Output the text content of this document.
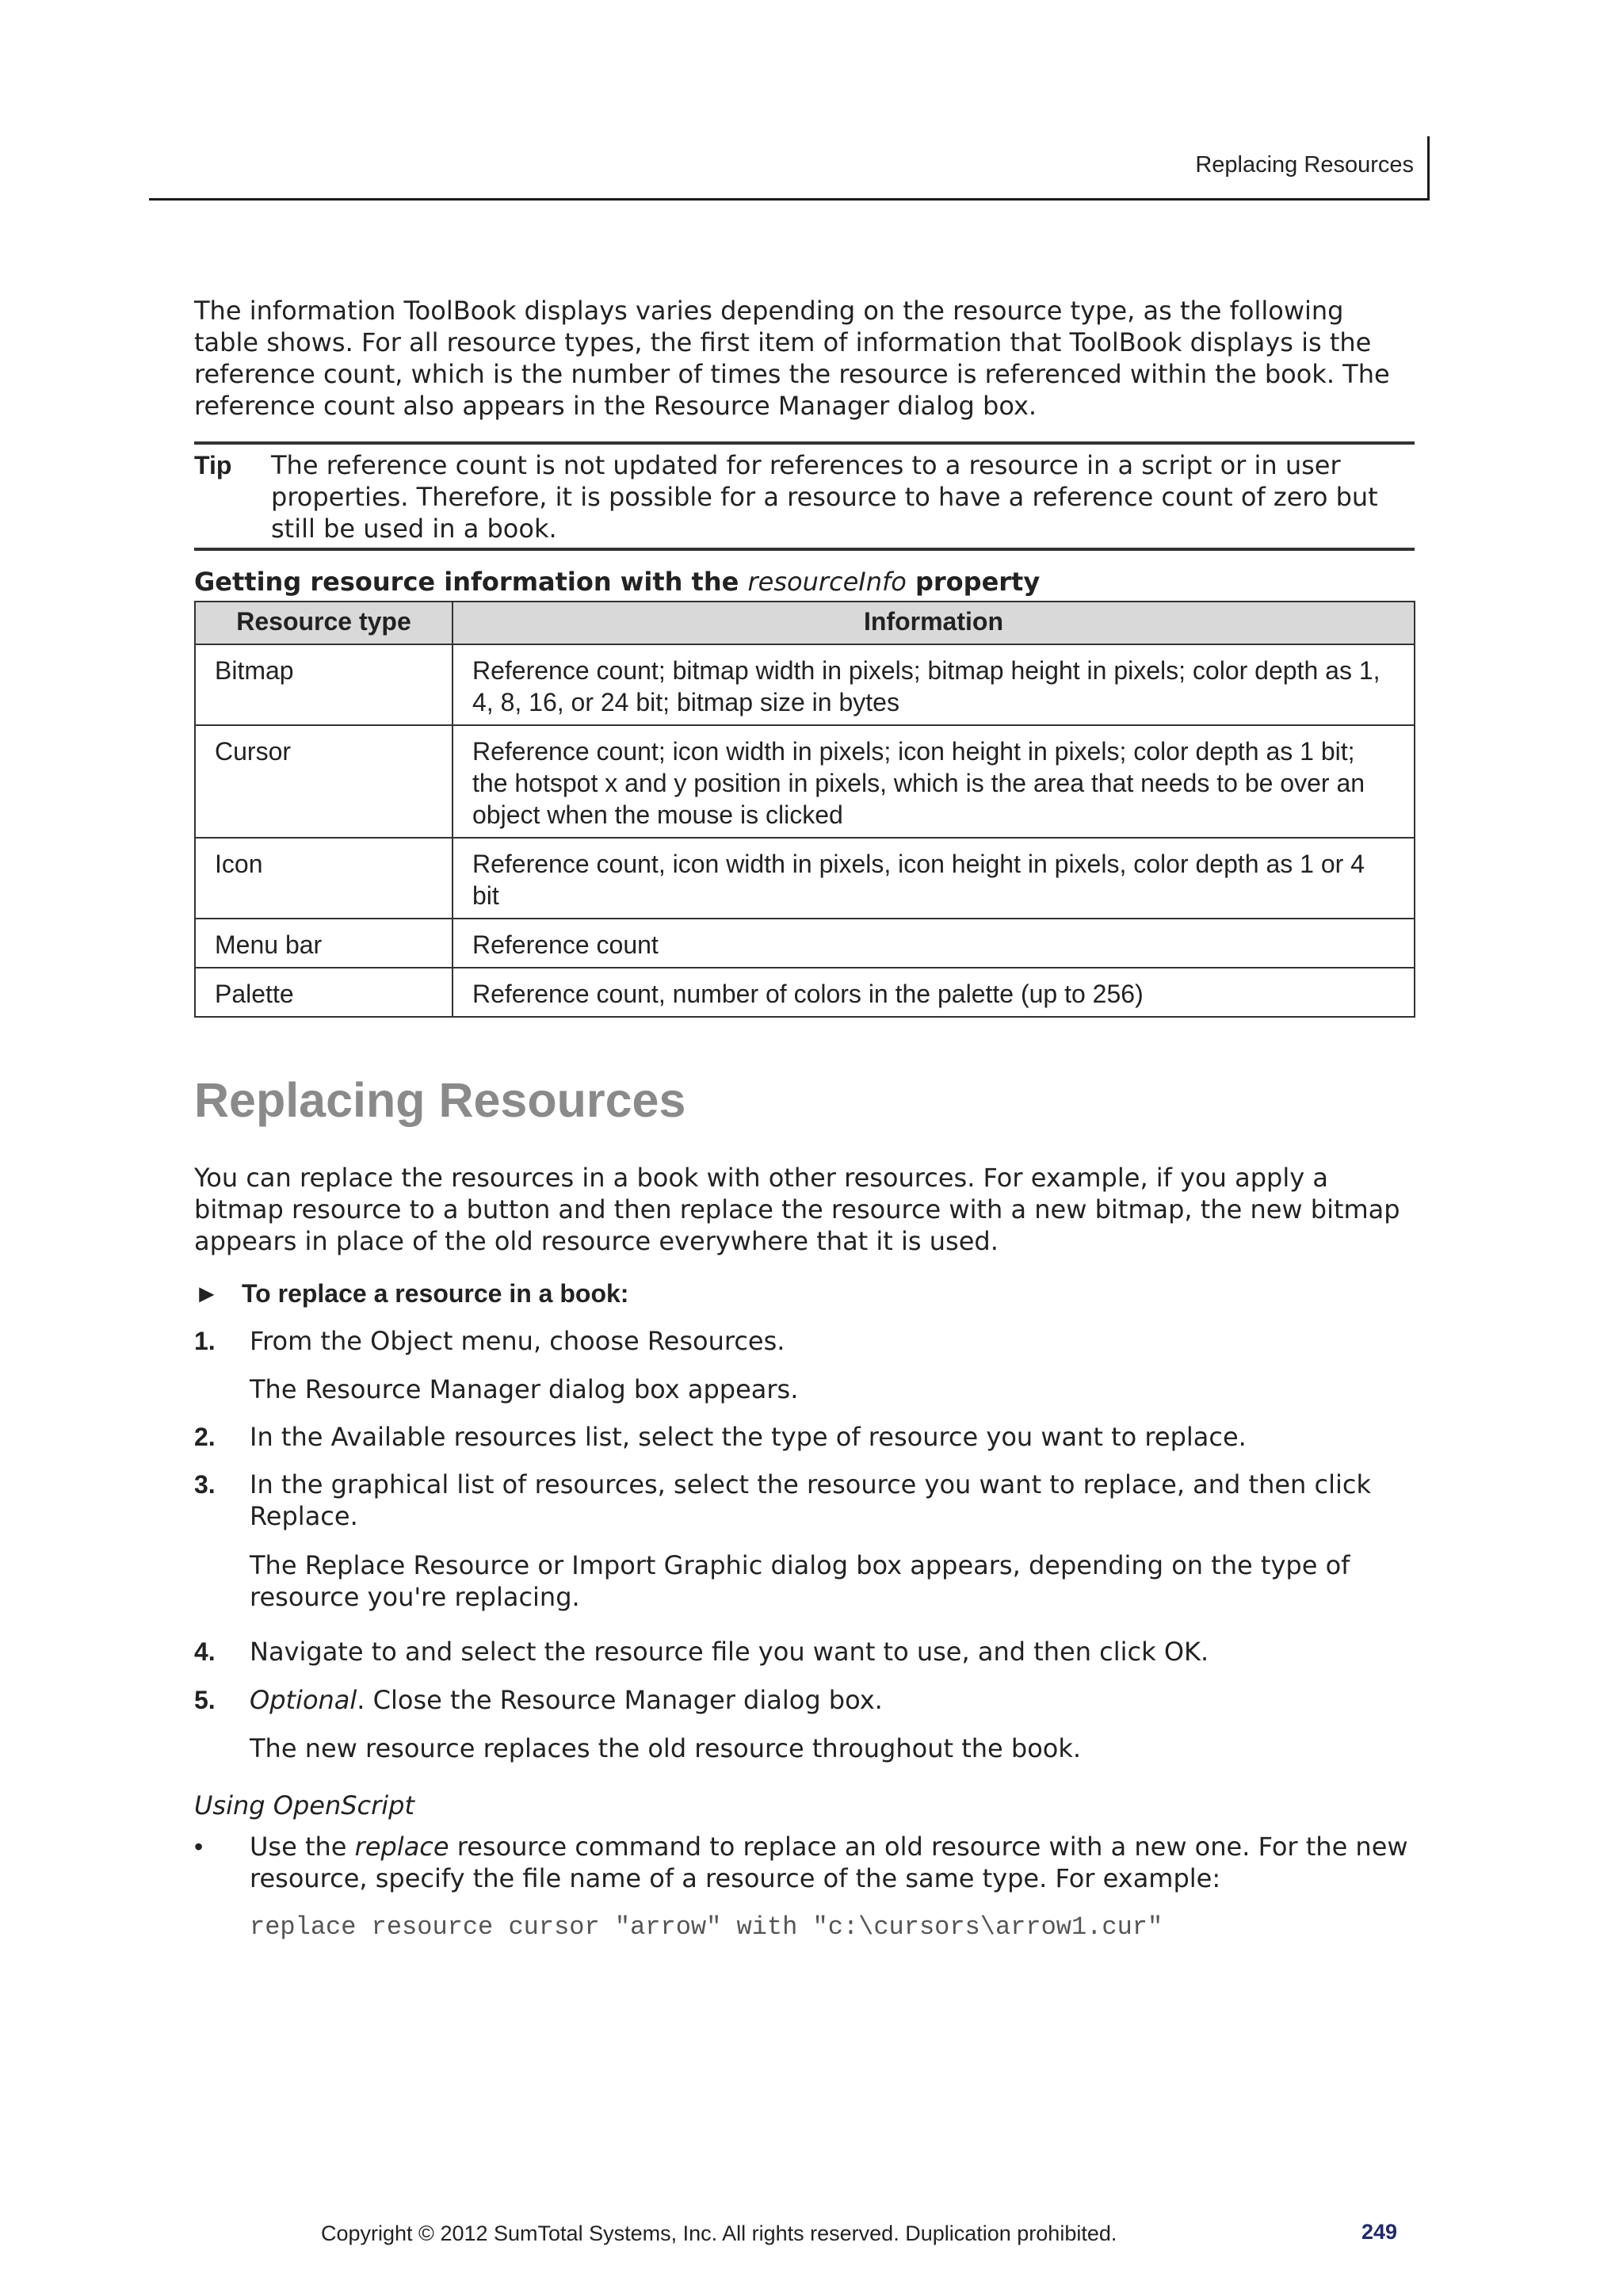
Replacing Resources

The information ToolBook displays varies depending on the resource type, as the following table shows. For all resource types, the first item of information that ToolBook displays is the reference count, which is the number of times the resource is referenced within the book. The reference count also appears in the Resource Manager dialog box.

Tip The reference count is not updated for references to a resource in a script or in user properties. Therefore, it is possible for a resource to have a reference count of zero but still be used in a book.

Getting resource information with the resourceInfo property

Resource type	Information
Bitmap	Reference count; bitmap width in pixels; bitmap height in pixels; color depth as 1, 4, 8, 16, or 24 bit; bitmap size in bytes
Cursor	Reference count; icon width in pixels; icon height in pixels; color depth as 1 bit; the hotspot x and y position in pixels, which is the area that needs to be over an object when the mouse is clicked
Icon	Reference count, icon width in pixels, icon height in pixels, color depth as 1 or 4 bit
Menu bar	Reference count
Palette	Reference count, number of colors in the palette (up to 256)
Replacing Resources

You can replace the resources in a book with other resources. For example, if you apply a bitmap resource to a button and then replace the resource with a new bitmap, the new bitmap appears in place of the old resource everywhere that it is used.

► To replace a resource in a book:

1. From the Object menu, choose Resources.

The Resource Manager dialog box appears.

2. In the Available resources list, select the type of resource you want to replace.

3. In the graphical list of resources, select the resource you want to replace, and then click Replace.

The Replace Resource or Import Graphic dialog box appears, depending on the type of resource you're replacing.

4. Navigate to and select the resource file you want to use, and then click OK.

5. Optional. Close the Resource Manager dialog box.

The new resource replaces the old resource throughout the book.

Using OpenScript

• Use the replace resource command to replace an old resource with a new one. For the new resource, specify the file name of a resource of the same type. For example:

replace resource cursor "arrow" with "c:\cursors\arrow1.cur"
Copyright © 2012 SumTotal Systems, Inc. All rights reserved. Duplication prohibited.	249
